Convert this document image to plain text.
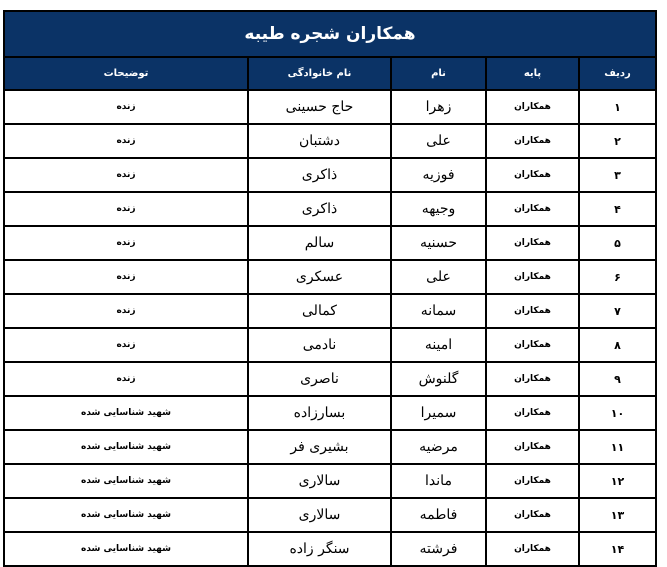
همکاران شجره طیبه				
ردیف	پایه	نام	نام خانوادگی	توضیحات
۱	همکاران	زهرا	حاج حسینی	زنده
۲	همکاران	علی	دشتبان	زنده
۳	همکاران	فوزیه	ذاکری	زنده
۴	همکاران	وجیهه	ذاکری	زنده
۵	همکاران	حسنیه	سالم	زنده
۶	همکاران	علی	عسکری	زنده
۷	همکاران	سمانه	کمالی	زنده
۸	همکاران	امینه	نادمی	زنده
۹	همکاران	گلنوش	ناصری	زنده
۱۰	همکاران	سمیرا	بسارزاده	شهید شناسایی شده
۱۱	همکاران	مرضیه	بشیری فر	شهید شناسایی شده
۱۲	همکاران	ماندا	سالاری	شهید شناسایی شده
۱۳	همکاران	فاطمه	سالاری	شهید شناسایی شده
۱۴	همکاران	فرشته	سنگر زاده	شهید شناسایی شده
